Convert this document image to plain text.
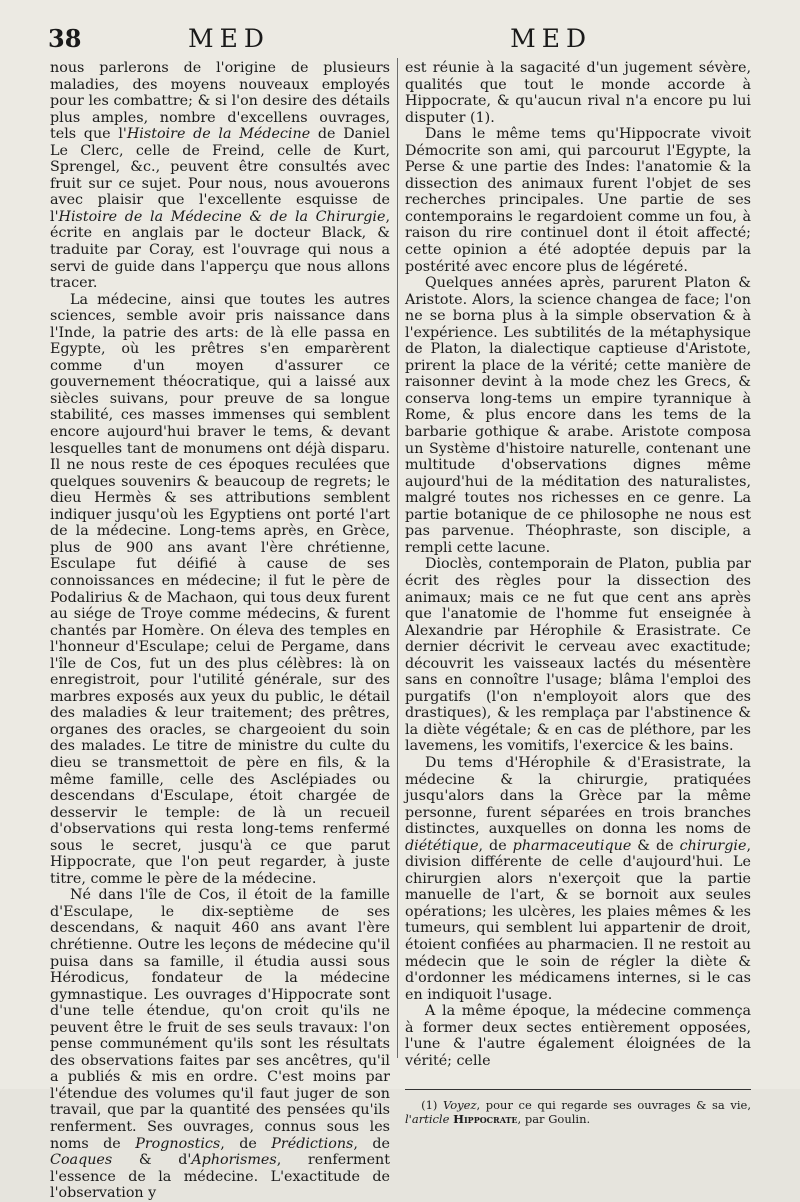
38	MED	MED

nous parlerons de l'origine de plusieurs maladies, des moyens nouveaux employés pour les combattre; & si l'on desire des détails plus amples, nombre d'excellens ouvrages, tels que l'Histoire de la Médecine de Daniel Le Clerc, celle de Freind, celle de Kurt, Sprengel, &c., peuvent être consultés avec fruit sur ce sujet. Pour nous, nous avouerons avec plaisir que l'excellente esquisse de l'Histoire de la Médecine & de la Chirurgie, écrite en anglais par le docteur Black, & traduite par Coray, est l'ouvrage qui nous a servi de guide dans l'apperçu que nous allons tracer.

La médecine, ainsi que toutes les autres sciences, semble avoir pris naissance dans l'Inde, la patrie des arts: de là elle passa en Egypte, où les prêtres s'en emparèrent comme d'un moyen d'assurer ce gouvernement théocratique, qui a laissé aux siècles suivans, pour preuve de sa longue stabilité, ces masses immenses qui semblent encore aujourd'hui braver le tems, & devant lesquelles tant de monumens ont déjà disparu. Il ne nous reste de ces époques reculées que quelques souvenirs & beaucoup de regrets; le dieu Hermès & ses attributions semblent indiquer jusqu'où les Egyptiens ont porté l'art de la médecine. Long-tems après, en Grèce, plus de 900 ans avant l'ère chrétienne, Esculape fut déifié à cause de ses connoissances en médecine; il fut le père de Podalirius & de Machaon, qui tous deux furent au siége de Troye comme médecins, & furent chantés par Homère. On éleva des temples en l'honneur d'Esculape; celui de Pergame, dans l'île de Cos, fut un des plus célèbres: là on enregistroit, pour l'utilité générale, sur des marbres exposés aux yeux du public, le détail des maladies & leur traitement; des prêtres, organes des oracles, se chargeoient du soin des malades. Le titre de ministre du culte du dieu se transmettoit de père en fils, & la même famille, celle des Asclépiades ou descendans d'Esculape, étoit chargée de desservir le temple: de là un recueil d'observations qui resta long-tems renfermé sous le secret, jusqu'à ce que parut Hippocrate, que l'on peut regarder, à juste titre, comme le père de la médecine.

Né dans l'île de Cos, il étoit de la famille d'Esculape, le dix-septième de ses descendans, & naquit 460 ans avant l'ère chrétienne. Outre les leçons de médecine qu'il puisa dans sa famille, il étudia aussi sous Hérodicus, fondateur de la médecine gymnastique. Les ouvrages d'Hippocrate sont d'une telle étendue, qu'on croit qu'ils ne peuvent être le fruit de ses seuls travaux: l'on pense communément qu'ils sont les résultats des observations faites par ses ancêtres, qu'il a publiés & mis en ordre. C'est moins par l'étendue des volumes qu'il faut juger de son travail, que par la quantité des pensées qu'ils renferment. Ses ouvrages, connus sous les noms de Prognostics, de Prédictions, de Coaques & d'Aphorismes, renferment l'essence de la médecine. L'exactitude de l'observation y

est réunie à la sagacité d'un jugement sévère, qualités que tout le monde accorde à Hippocrate, & qu'aucun rival n'a encore pu lui disputer (1).

Dans le même tems qu'Hippocrate vivoit Démocrite son ami, qui parcourut l'Egypte, la Perse & une partie des Indes: l'anatomie & la dissection des animaux furent l'objet de ses recherches principales. Une partie de ses contemporains le regardoient comme un fou, à raison du rire continuel dont il étoit affecté; cette opinion a été adoptée depuis par la postérité avec encore plus de légéreté.

Quelques années après, parurent Platon & Aristote. Alors, la science changea de face; l'on ne se borna plus à la simple observation & à l'expérience. Les subtilités de la métaphysique de Platon, la dialectique captieuse d'Aristote, prirent la place de la vérité; cette manière de raisonner devint à la mode chez les Grecs, & conserva long-tems un empire tyrannique à Rome, & plus encore dans les tems de la barbarie gothique & arabe. Aristote composa un Système d'histoire naturelle, contenant une multitude d'observations dignes même aujourd'hui de la méditation des naturalistes, malgré toutes nos richesses en ce genre. La partie botanique de ce philosophe ne nous est pas parvenue. Théophraste, son disciple, a rempli cette lacune.

Dioclès, contemporain de Platon, publia par écrit des règles pour la dissection des animaux; mais ce ne fut que cent ans après que l'anatomie de l'homme fut enseignée à Alexandrie par Hérophile & Erasistrate. Ce dernier décrivit le cerveau avec exactitude; découvrit les vaisseaux lactés du mésentère sans en connoître l'usage; blâma l'emploi des purgatifs (l'on n'employoit alors que des drastiques), & les remplaça par l'abstinence & la diète végétale; & en cas de pléthore, par les lavemens, les vomitifs, l'exercice & les bains.

Du tems d'Hérophile & d'Erasistrate, la médecine & la chirurgie, pratiquées jusqu'alors dans la Grèce par la même personne, furent séparées en trois branches distinctes, auxquelles on donna les noms de diététique, de pharmaceutique & de chirurgie, division différente de celle d'aujourd'hui. Le chirurgien alors n'exerçoit que la partie manuelle de l'art, & se bornoit aux seules opérations; les ulcères, les plaies mêmes & les tumeurs, qui semblent lui appartenir de droit, étoient confiées au pharmacien. Il ne restoit au médecin que le soin de régler la diète & d'ordonner les médicamens internes, si le cas en indiquoit l'usage.

A la même époque, la médecine commença à former deux sectes entièrement opposées, l'une & l'autre également éloignées de la vérité; celle

(1) Voyez, pour ce qui regarde ses ouvrages & sa vie, l'article Hippocrate, par Goulin.
